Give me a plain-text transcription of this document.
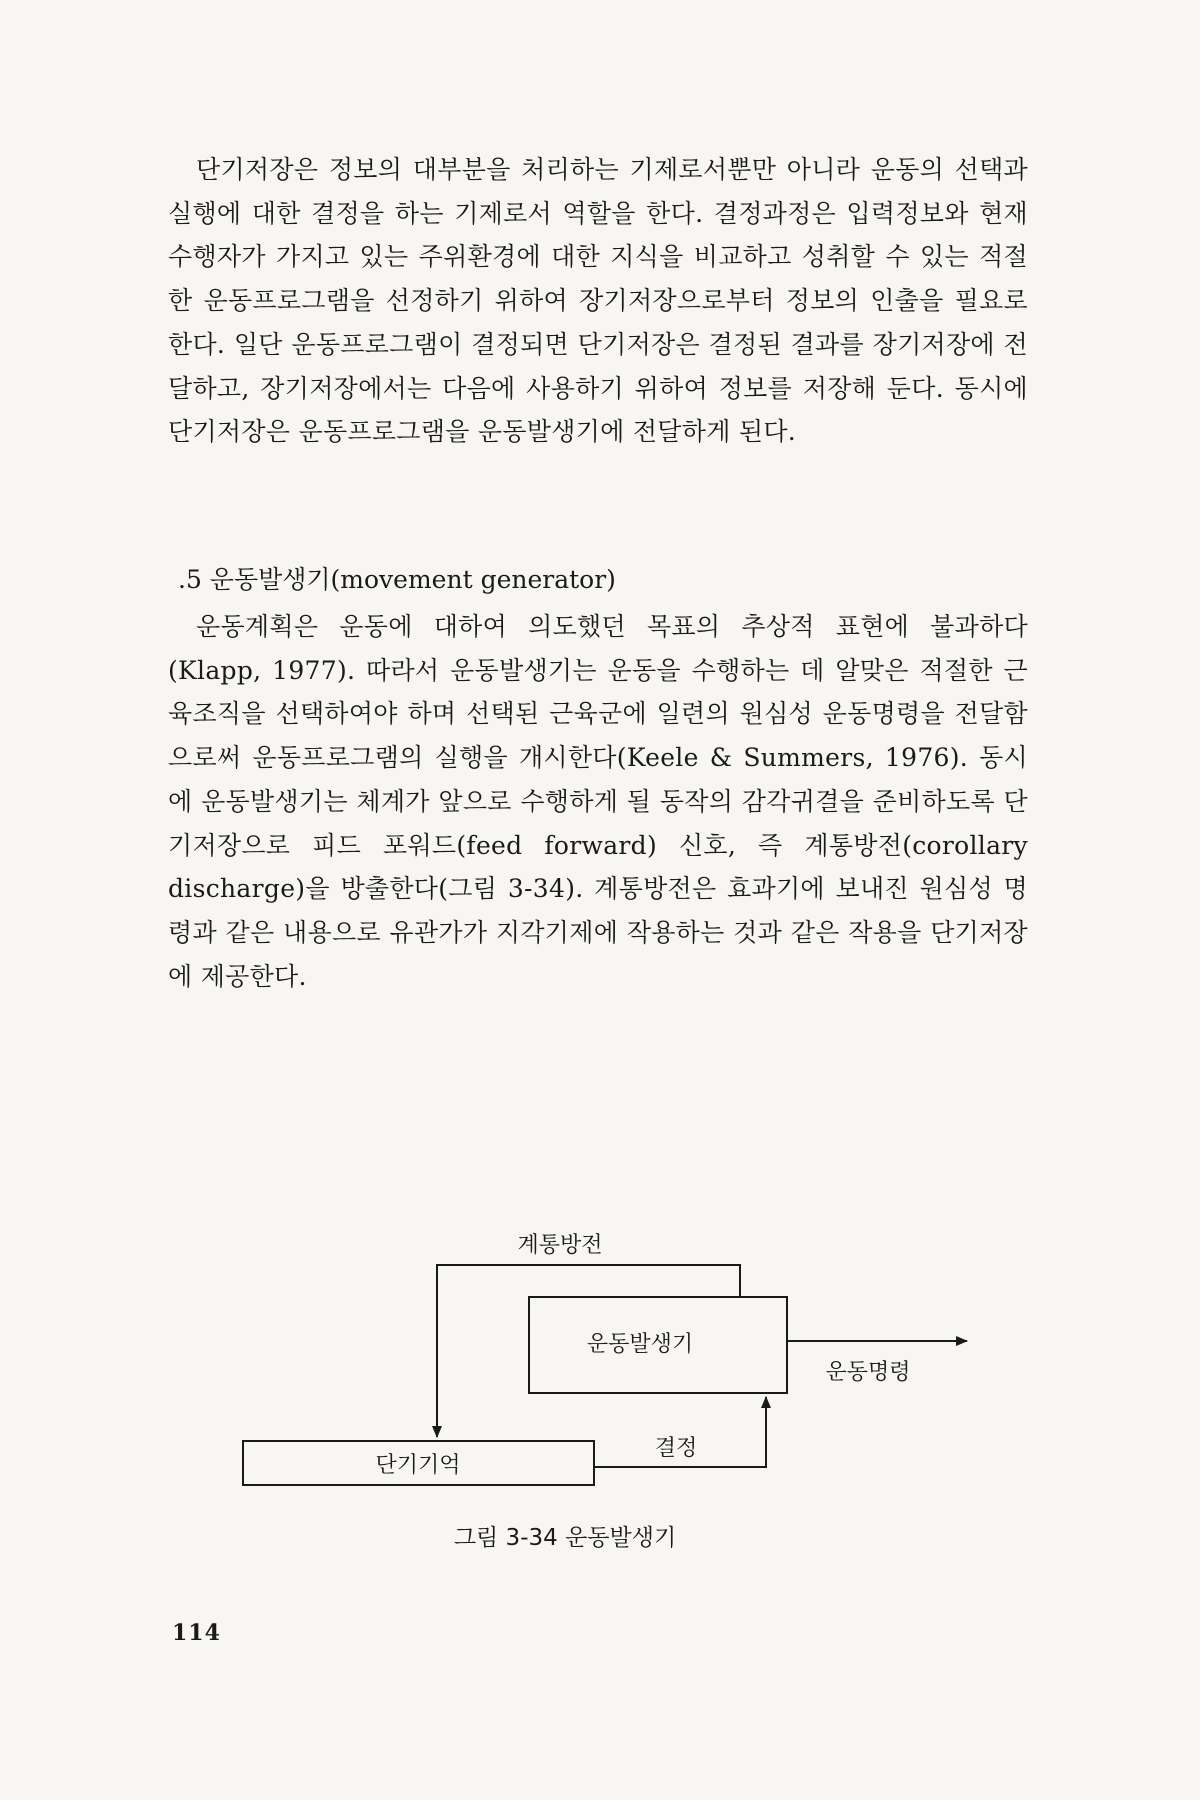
단기저장은 정보의 대부분을 처리하는 기제로서뿐만 아니라 운동의 선택과 실행에 대한 결정을 하는 기제로서 역할을 한다. 결정과정은 입력정보와 현재 수행자가 가지고 있는 주위환경에 대한 지식을 비교하고 성취할 수 있는 적절한 운동프로그램을 선정하기 위하여 장기저장으로부터 정보의 인출을 필요로 한다. 일단 운동프로그램이 결정되면 단기저장은 결정된 결과를 장기저장에 전달하고, 장기저장에서는 다음에 사용하기 위하여 정보를 저장해 둔다. 동시에 단기저장은 운동프로그램을 운동발생기에 전달하게 된다.

.5 운동발생기(movement generator)

운동계획은 운동에 대하여 의도했던 목표의 추상적 표현에 불과하다(Klapp, 1977). 따라서 운동발생기는 운동을 수행하는 데 알맞은 적절한 근육조직을 선택하여야 하며 선택된 근육군에 일련의 원심성 운동명령을 전달함으로써 운동프로그램의 실행을 개시한다(Keele & Summers, 1976). 동시에 운동발생기는 체계가 앞으로 수행하게 될 동작의 감각귀결을 준비하도록 단기저장으로 피드 포워드(feed forward) 신호, 즉 계통방전(corollary discharge)을 방출한다(그림 3-34). 계통방전은 효과기에 보내진 원심성 명령과 같은 내용으로 유관가가 지각기제에 작용하는 것과 같은 작용을 단기저장에 제공한다.

계통방전
운동발생기
운동명령
단기기억
결정
그림 3-34 운동발생기
114
